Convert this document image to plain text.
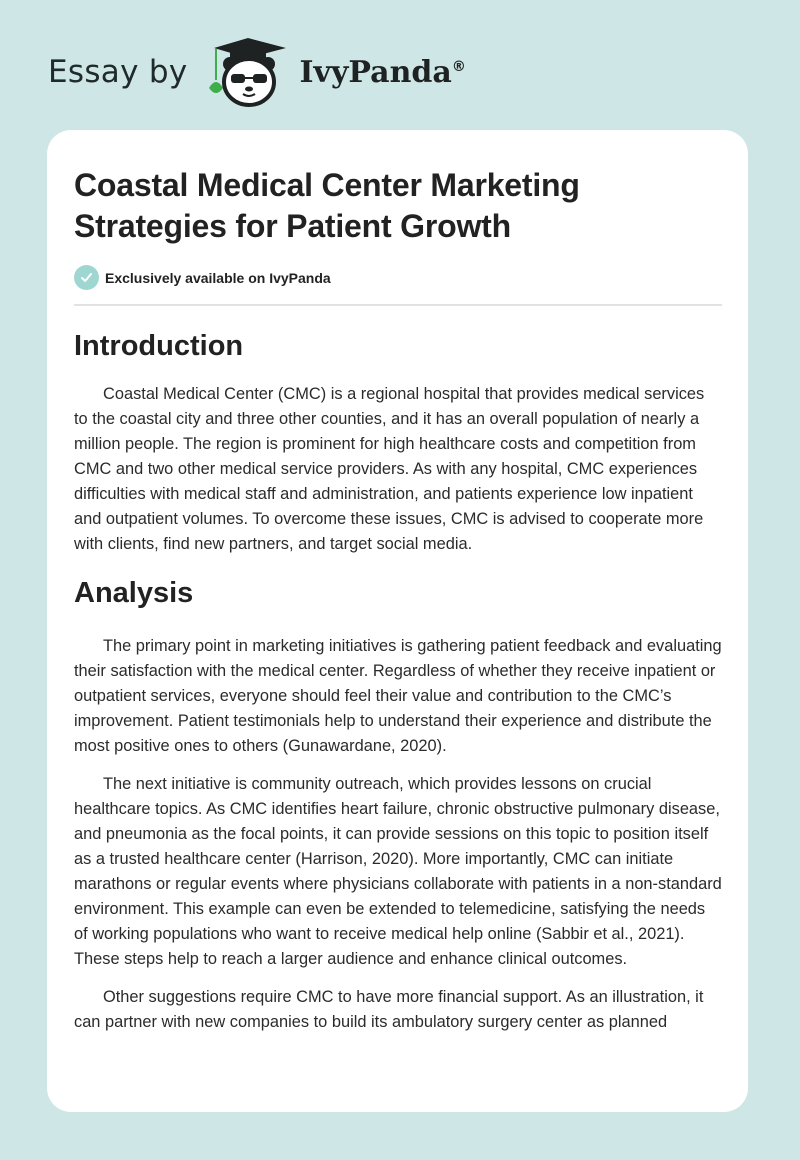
Essay by	IvyPanda®
Coastal Medical Center Marketing Strategies for Patient Growth
Exclusively available on IvyPanda
Introduction

Coastal Medical Center (CMC) is a regional hospital that provides medical services to the coastal city and three other counties, and it has an overall population of nearly a million people. The region is prominent for high healthcare costs and competition from CMC and two other medical service providers. As with any hospital, CMC experiences difficulties with medical staff and administration, and patients experience low inpatient and outpatient volumes. To overcome these issues, CMC is advised to cooperate more with clients, find new partners, and target social media.

Analysis

The primary point in marketing initiatives is gathering patient feedback and evaluating their satisfaction with the medical center. Regardless of whether they receive inpatient or outpatient services, everyone should feel their value and contribution to the CMC’s improvement. Patient testimonials help to understand their experience and distribute the most positive ones to others (Gunawardane, 2020).

The next initiative is community outreach, which provides lessons on crucial healthcare topics. As CMC identifies heart failure, chronic obstructive pulmonary disease, and pneumonia as the focal points, it can provide sessions on this topic to position itself as a trusted healthcare center (Harrison, 2020). More importantly, CMC can initiate marathons or regular events where physicians collaborate with patients in a non-standard environment. This example can even be extended to telemedicine, satisfying the needs of working populations who want to receive medical help online (Sabbir et al., 2021). These steps help to reach a larger audience and enhance clinical outcomes.

Other suggestions require CMC to have more financial support. As an illustration, it can partner with new companies to build its ambulatory surgery center as planned
